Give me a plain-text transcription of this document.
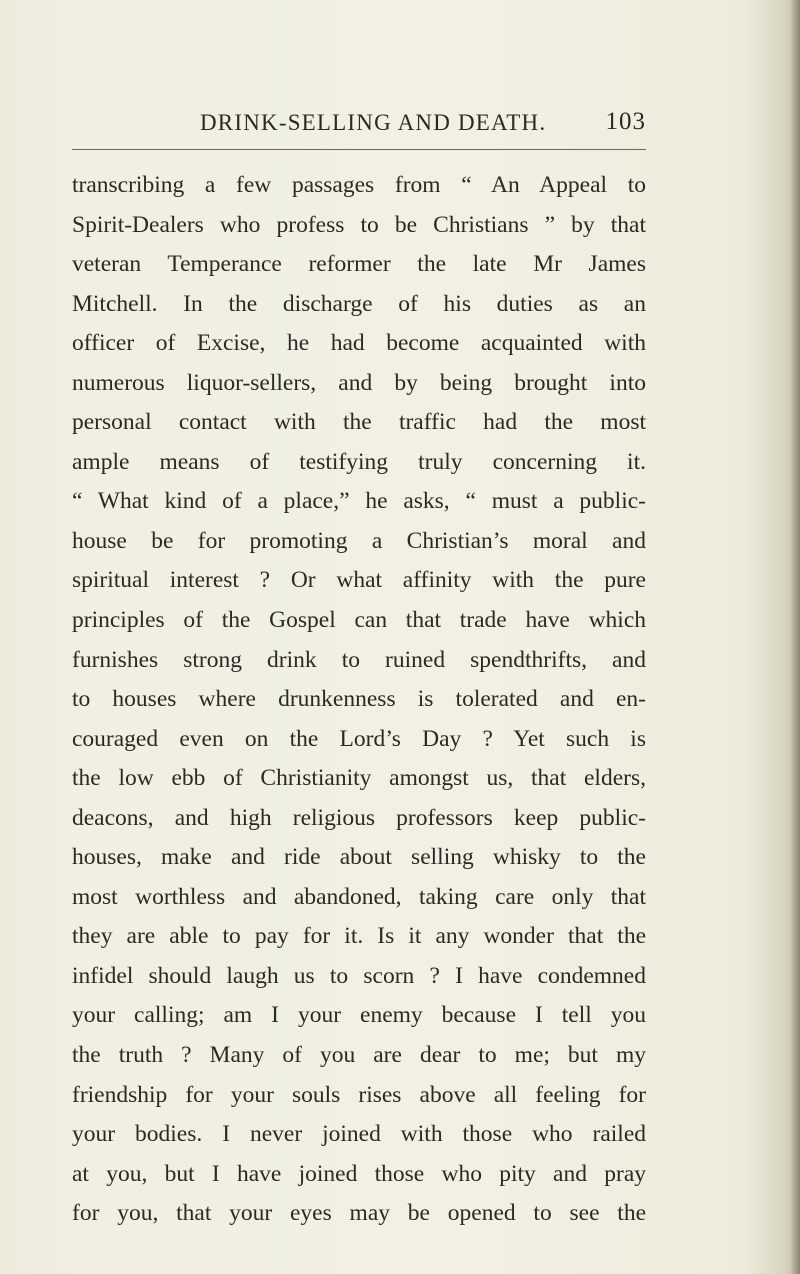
DRINK-SELLING AND DEATH. 103
transcribing a few passages from “ An Appeal to
Spirit-Dealers who profess to be Christians ” by that
veteran Temperance reformer the late Mr James
Mitchell. In the discharge of his duties as an
officer of Excise, he had become acquainted with
numerous liquor-sellers, and by being brought into
personal contact with the traffic had the most
ample means of testifying truly concerning it.
“ What kind of a place,” he asks, “ must a public-
house be for promoting a Christian’s moral and
spiritual interest ? Or what affinity with the pure
principles of the Gospel can that trade have which
furnishes strong drink to ruined spendthrifts, and
to houses where drunkenness is tolerated and en-
couraged even on the Lord’s Day ? Yet such is
the low ebb of Christianity amongst us, that elders,
deacons, and high religious professors keep public-
houses, make and ride about selling whisky to the
most worthless and abandoned, taking care only that
they are able to pay for it. Is it any wonder that the
infidel should laugh us to scorn ? I have condemned
your calling; am I your enemy because I tell you
the truth ? Many of you are dear to me; but my
friendship for your souls rises above all feeling for
your bodies. I never joined with those who railed
at you, but I have joined those who pity and pray
for you, that your eyes may be opened to see the
